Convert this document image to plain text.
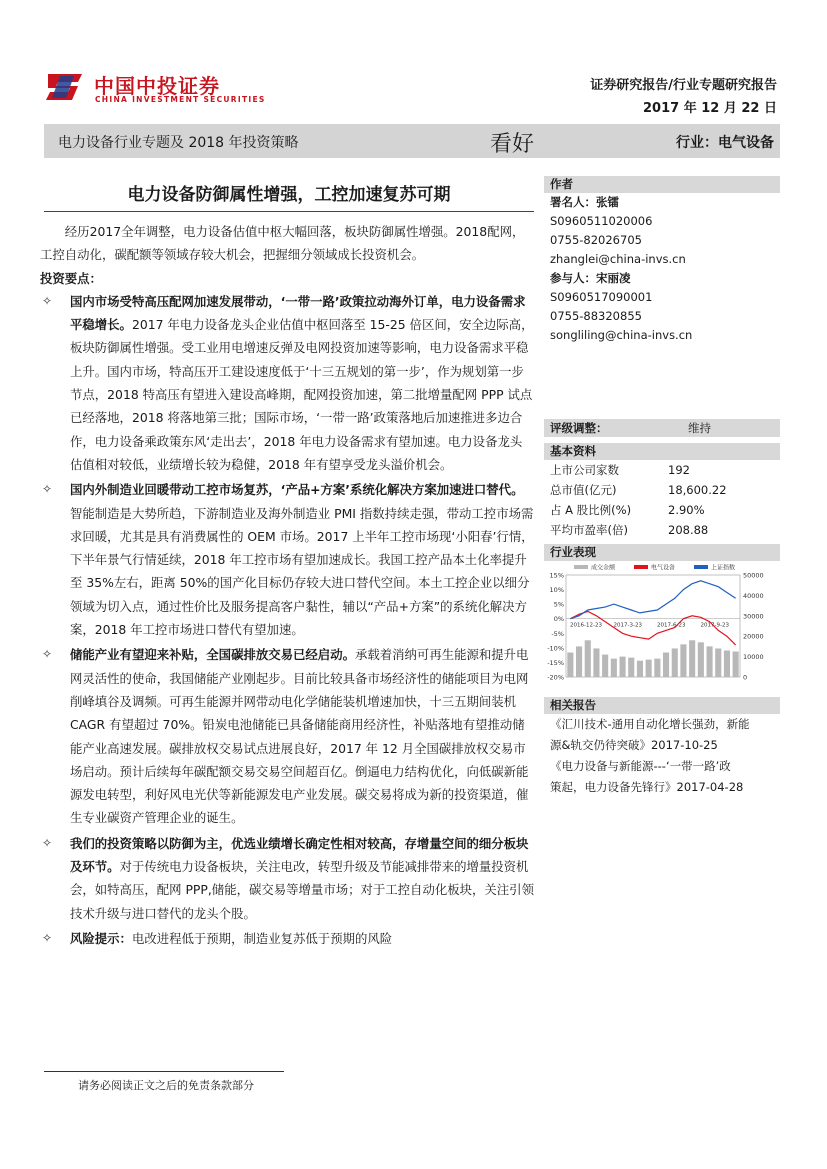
中国中投证券
CHINA INVESTMENT SECURITIES
证券研究报告/行业专题研究报告
2017 年 12 月 22 日
电力设备行业专题及 2018 年投资策略	看好	行业：电气设备
电力设备防御属性增强，工控加速复苏可期

经历2017全年调整，电力设备估值中枢大幅回落，板块防御属性增强。2018配网，工控自动化，碳配额等领域存较大机会，把握细分领域成长投资机会。

投资要点：

✧ 国内市场受特高压配网加速发展带动，‘一带一路’政策拉动海外订单，电力设备需求平稳增长。2017 年电力设备龙头企业估值中枢回落至 15-25 倍区间，安全边际高，板块防御属性增强。受工业用电增速反弹及电网投资加速等影响，电力设备需求平稳上升。国内市场，特高压开工建设速度低于‘十三五规划的第一步’，作为规划第一步节点，2018 特高压有望进入建设高峰期，配网投资加速，第二批增量配网 PPP 试点已经落地，2018 将落地第三批；国际市场，‘一带一路’政策落地后加速推进多边合作，电力设备乘政策东风‘走出去’，2018 年电力设备需求有望加速。电力设备龙头估值相对较低，业绩增长较为稳健，2018 年有望享受龙头溢价机会。
✧ 国内外制造业回暖带动工控市场复苏，‘产品+方案’系统化解决方案加速进口替代。智能制造是大势所趋，下游制造业及海外制造业 PMI 指数持续走强，带动工控市场需求回暖，尤其是具有消费属性的 OEM 市场。2017 上半年工控市场现‘小阳春’行情，下半年景气行情延续，2018 年工控市场有望加速成长。我国工控产品本土化率提升至 35%左右，距离 50%的国产化目标仍存较大进口替代空间。本土工控企业以细分领域为切入点，通过性价比及服务提高客户黏性，辅以“产品+方案”的系统化解决方案，2018 年工控市场进口替代有望加速。
✧ 储能产业有望迎来补贴，全国碳排放交易已经启动。承载着消纳可再生能源和提升电网灵活性的使命，我国储能产业刚起步。目前比较具备市场经济性的储能项目为电网削峰填谷及调频。可再生能源并网带动电化学储能装机增速加快，十三五期间装机 CAGR 有望超过 70%。铅炭电池储能已具备储能商用经济性，补贴落地有望推动储能产业高速发展。碳排放权交易试点进展良好，2017 年 12 月全国碳排放权交易市场启动。预计后续每年碳配额交易交易空间超百亿。倒逼电力结构优化，向低碳新能源发电转型，利好风电光伏等新能源发电产业发展。碳交易将成为新的投资渠道，催生专业碳资产管理企业的诞生。
✧ 我们的投资策略以防御为主，优选业绩增长确定性相对较高，存增量空间的细分板块及环节。对于传统电力设备板块，关注电改，转型升级及节能减排带来的增量投资机会，如特高压，配网 PPP,储能，碳交易等增量市场；对于工控自动化板块，关注引领技术升级与进口替代的龙头个股。
✧ 风险提示：电改进程低于预期，制造业复苏低于预期的风险
作者
署名人：张镭
S0960511020006
0755-82026705
zhanglei@china-invs.cn
参与人：宋丽凌
S0960517090001
0755-88320855
songliling@china-invs.cn
评级调整：	维持
基本资料
上市公司家数	192
总市值(亿元)	18,600.22
占 A 股比例(%)	2.90%
平均市盈率(倍)	208.88
行业表现
15%
10%
5%
0%
-5%
-10%
-15%
-20%
50000
40000
30000
20000
10000
0
2016-12-23 2017-3-23	2017-6-23	2017-9-23
成交金额	电气设备	上证指数
相关报告
《汇川技术-通用自动化增长强劲，新能
源&轨交仍待突破》2017-10-25
《电力设备与新能源---‘一带一路’政
策起，电力设备先锋行》2017-04-28
请务必阅读正文之后的免责条款部分
